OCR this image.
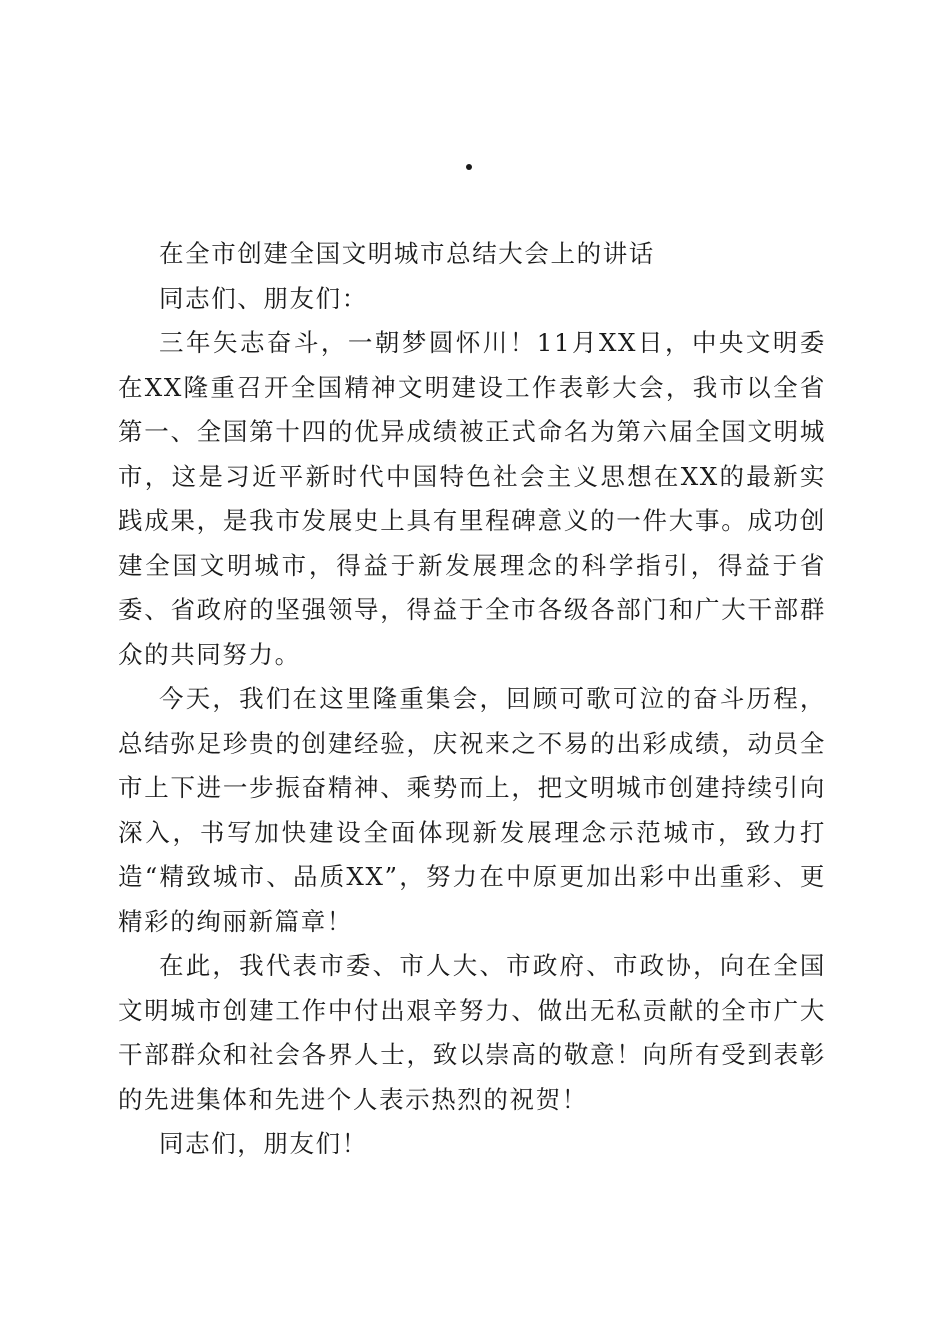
在全市创建全国文明城市总结大会上的讲话

同志们、朋友们：

三年矢志奋斗，一朝梦圆怀川！11月XX日，中央文明委在XX隆重召开全国精神文明建设工作表彰大会，我市以全省第一、全国第十四的优异成绩被正式命名为第六届全国文明城市，这是习近平新时代中国特色社会主义思想在XX的最新实践成果，是我市发展史上具有里程碑意义的一件大事。成功创建全国文明城市，得益于新发展理念的科学指引，得益于省委、省政府的坚强领导，得益于全市各级各部门和广大干部群众的共同努力。

今天，我们在这里隆重集会，回顾可歌可泣的奋斗历程，总结弥足珍贵的创建经验，庆祝来之不易的出彩成绩，动员全市上下进一步振奋精神、乘势而上，把文明城市创建持续引向深入，书写加快建设全面体现新发展理念示范城市，致力打造“精致城市、品质XX”，努力在中原更加出彩中出重彩、更精彩的绚丽新篇章！

在此，我代表市委、市人大、市政府、市政协，向在全国文明城市创建工作中付出艰辛努力、做出无私贡献的全市广大干部群众和社会各界人士，致以崇高的敬意！向所有受到表彰的先进集体和先进个人表示热烈的祝贺！

同志们，朋友们！
